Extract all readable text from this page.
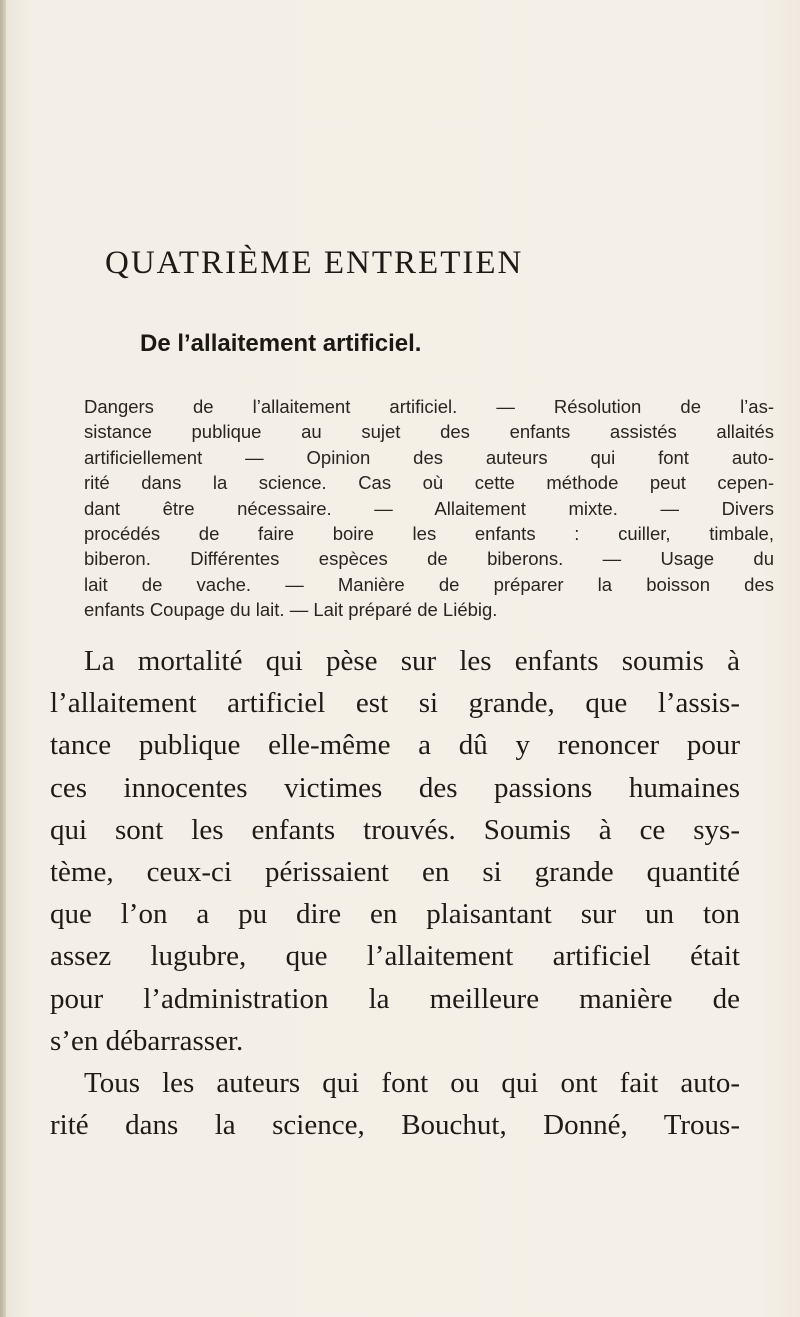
QUATRIÈME ENTRETIEN
De l’allaitement artificiel.
Dangers de l’allaitement artificiel. — Résolution de l’as-
sistance publique au sujet des enfants assistés allaités
artificiellement — Opinion des auteurs qui font auto-
rité dans la science. Cas où cette méthode peut cepen-
dant être nécessaire. — Allaitement mixte. — Divers
procédés de faire boire les enfants : cuiller, timbale,
biberon. Différentes espèces de biberons. — Usage du
lait de vache. — Manière de préparer la boisson des
enfants Coupage du lait. — Lait préparé de Liébig.
La mortalité qui pèse sur les enfants soumis à
l’allaitement artificiel est si grande, que l’assis-
tance publique elle-même a dû y renoncer pour
ces innocentes victimes des passions humaines
qui sont les enfants trouvés. Soumis à ce sys-
tème, ceux-ci périssaient en si grande quantité
que l’on a pu dire en plaisantant sur un ton
assez lugubre, que l’allaitement artificiel était
pour l’administration la meilleure manière de
s’en débarrasser.
Tous les auteurs qui font ou qui ont fait auto-
rité dans la science, Bouchut, Donné, Trous-
